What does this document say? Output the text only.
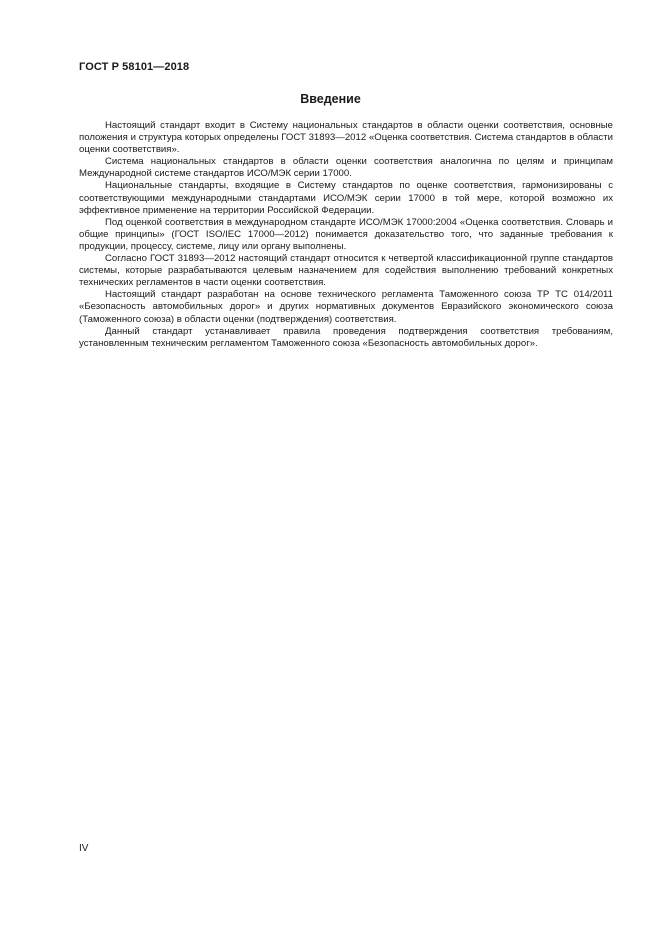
ГОСТ Р 58101—2018
Введение

Настоящий стандарт входит в Систему национальных стандартов в области оценки соответствия, основные положения и структура которых определены ГОСТ 31893—2012 «Оценка соответствия. Система стандартов в области оценки соответствия».

Система национальных стандартов в области оценки соответствия аналогична по целям и принципам Международной системе стандартов ИСО/МЭК серии 17000.

Национальные стандарты, входящие в Систему стандартов по оценке соответствия, гармонизированы с соответствующими международными стандартами ИСО/МЭК серии 17000 в той мере, которой возможно их эффективное применение на территории Российской Федерации.

Под оценкой соответствия в международном стандарте ИСО/МЭК 17000:2004 «Оценка соответствия. Словарь и общие принципы» (ГОСТ ISO/IEC 17000—2012) понимается доказательство того, что заданные требования к продукции, процессу, системе, лицу или органу выполнены.

Согласно ГОСТ 31893—2012 настоящий стандарт относится к четвертой классификационной группе стандартов системы, которые разрабатываются целевым назначением для содействия выполнению требований конкретных технических регламентов в части оценки соответствия.

Настоящий стандарт разработан на основе технического регламента Таможенного союза ТР ТС 014/2011 «Безопасность автомобильных дорог» и других нормативных документов Евразийского экономического союза (Таможенного союза) в области оценки (подтверждения) соответствия.

Данный стандарт устанавливает правила проведения подтверждения соответствия требованиям, установленным техническим регламентом Таможенного союза «Безопасность автомобильных дорог».

IV
